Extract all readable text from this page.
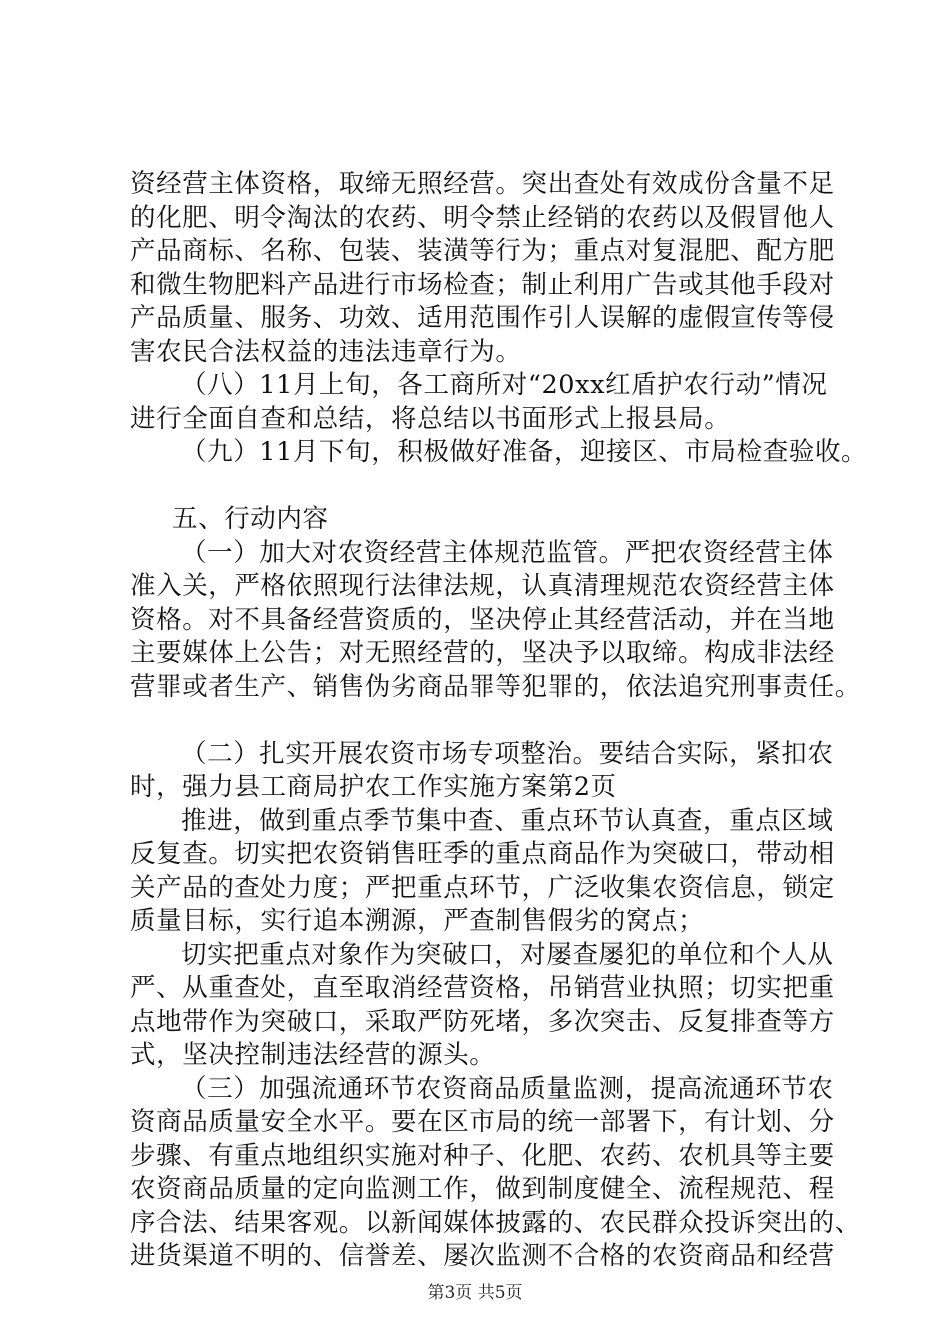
资经营主体资格，取缔无照经营。突出查处有效成份含量不足
的化肥、明令淘汰的农药、明令禁止经销的农药以及假冒他人
产品商标、名称、包装、装潢等行为；重点对复混肥、配方肥
和微生物肥料产品进行市场检查；制止利用广告或其他手段对
产品质量、服务、功效、适用范围作引人误解的虚假宣传等侵
害农民合法权益的违法违章行为。
（八）11月上旬，各工商所对“20xx红盾护农行动”情况
进行全面自查和总结，将总结以书面形式上报县局。
（九）11月下旬，积极做好准备，迎接区、市局检查验收。
五、行动内容
（一）加大对农资经营主体规范监管。严把农资经营主体
准入关，严格依照现行法律法规，认真清理规范农资经营主体
资格。对不具备经营资质的，坚决停止其经营活动，并在当地
主要媒体上公告；对无照经营的，坚决予以取缔。构成非法经
营罪或者生产、销售伪劣商品罪等犯罪的，依法追究刑事责任。
（二）扎实开展农资市场专项整治。要结合实际，紧扣农
时，强力县工商局护农工作实施方案第2页
推进，做到重点季节集中查、重点环节认真查，重点区域
反复查。切实把农资销售旺季的重点商品作为突破口，带动相
关产品的查处力度；严把重点环节，广泛收集农资信息，锁定
质量目标，实行追本溯源，严查制售假劣的窝点；
切实把重点对象作为突破口，对屡查屡犯的单位和个人从
严、从重查处，直至取消经营资格，吊销营业执照；切实把重
点地带作为突破口，采取严防死堵，多次突击、反复排查等方
式，坚决控制违法经营的源头。
（三）加强流通环节农资商品质量监测，提高流通环节农
资商品质量安全水平。要在区市局的统一部署下，有计划、分
步骤、有重点地组织实施对种子、化肥、农药、农机具等主要
农资商品质量的定向监测工作，做到制度健全、流程规范、程
序合法、结果客观。以新闻媒体披露的、农民群众投诉突出的、
进货渠道不明的、信誉差、屡次监测不合格的农资商品和经营
第3页 共5页
